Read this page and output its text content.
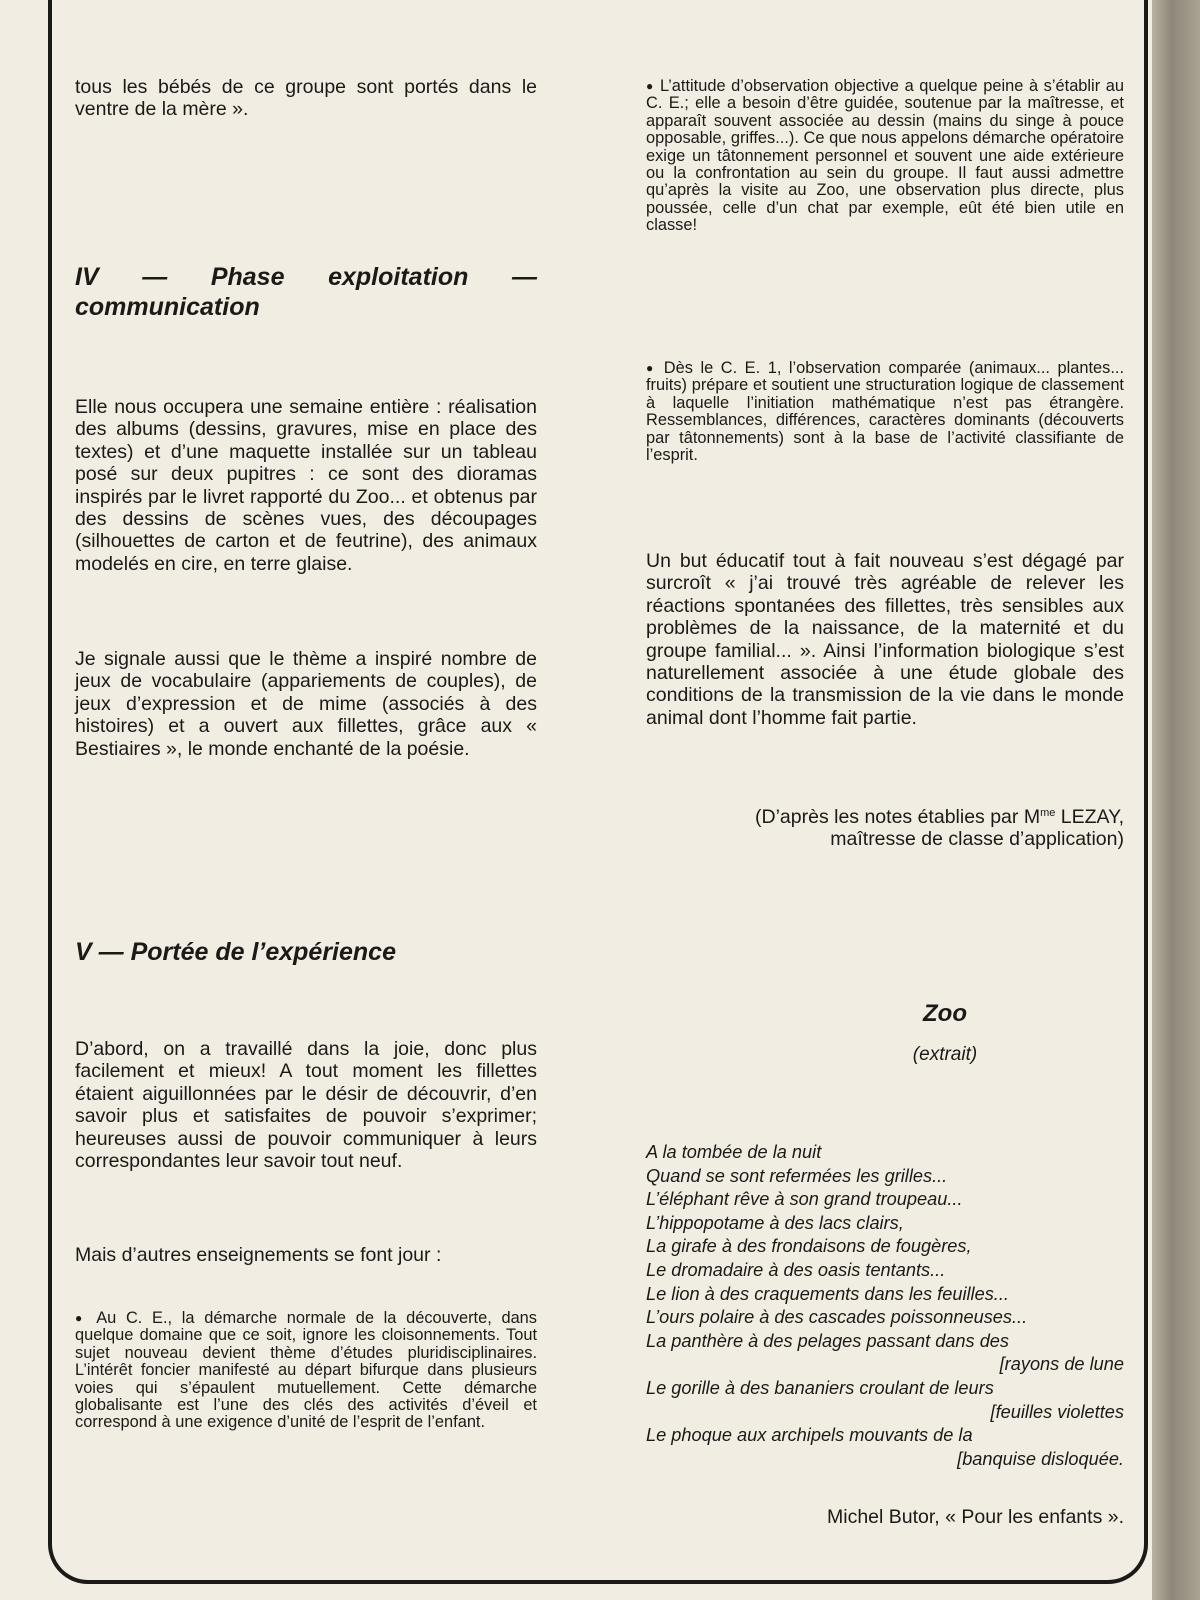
tous les bébés de ce groupe sont portés dans le ventre de la mère ».

IV — Phase exploitation —
communication

Elle nous occupera une semaine entière : réalisation des albums (dessins, gravures, mise en place des textes) et d’une maquette installée sur un tableau posé sur deux pupitres : ce sont des dioramas inspirés par le livret rapporté du Zoo... et obtenus par des dessins de scènes vues, des découpages (silhouettes de carton et de feutrine), des animaux modelés en cire, en terre glaise.

Je signale aussi que le thème a inspiré nombre de jeux de vocabulaire (appariements de couples), de jeux d’expression et de mime (associés à des histoires) et a ouvert aux fillettes, grâce aux « Bestiaires », le monde enchanté de la poésie.

V — Portée de l’expérience

D’abord, on a travaillé dans la joie, donc plus facilement et mieux! A tout moment les fillettes étaient aiguillonnées par le désir de découvrir, d’en savoir plus et satisfaites de pouvoir s’exprimer; heureuses aussi de pouvoir communiquer à leurs correspondantes leur savoir tout neuf.

Mais d’autres enseignements se font jour :

● Au C. E., la démarche normale de la découverte, dans quelque domaine que ce soit, ignore les cloisonnements. Tout sujet nouveau devient thème d’études pluridisciplinaires. L’intérêt foncier manifesté au départ bifurque dans plusieurs voies qui s’épaulent mutuellement. Cette démarche globalisante est l’une des clés des activités d’éveil et correspond à une exigence d’unité de l’esprit de l’enfant.

● L’attitude d’observation objective a quelque peine à s’établir au C. E.; elle a besoin d’être guidée, soutenue par la maîtresse, et apparaît souvent associée au dessin (mains du singe à pouce opposable, griffes...). Ce que nous appelons démarche opératoire exige un tâtonnement personnel et souvent une aide extérieure ou la confrontation au sein du groupe. Il faut aussi admettre qu’après la visite au Zoo, une observation plus directe, plus poussée, celle d’un chat par exemple, eût été bien utile en classe!

● Dès le C. E. 1, l’observation comparée (animaux... plantes... fruits) prépare et soutient une structuration logique de classement à laquelle l’initiation mathématique n’est pas étrangère. Ressemblances, différences, caractères dominants (découverts par tâtonnements) sont à la base de l’activité classifiante de l’esprit.

Un but éducatif tout à fait nouveau s’est dégagé par surcroît « j’ai trouvé très agréable de relever les réactions spontanées des fillettes, très sensibles aux problèmes de la naissance, de la maternité et du groupe familial... ». Ainsi l’information biologique s’est naturellement associée à une étude globale des conditions de la transmission de la vie dans le monde animal dont l’homme fait partie.

(D’après les notes établies par $M^{me}$ LEZAY,
maîtresse de classe d’application)
Zoo
(extrait)
A la tombée de la nuit
Quand se sont refermées les grilles...
L’éléphant rêve à son grand troupeau...
L’hippopotame à des lacs clairs,
La girafe à des frondaisons de fougères,
Le dromadaire à des oasis tentants...
Le lion à des craquements dans les feuilles...
L’ours polaire à des cascades poissonneuses...
La panthère à des pelages passant dans des
[rayons de lune
Le gorille à des bananiers croulant de leurs
[feuilles violettes
Le phoque aux archipels mouvants de la
[banquise disloquée.
Michel Butor, « Pour les enfants ».
